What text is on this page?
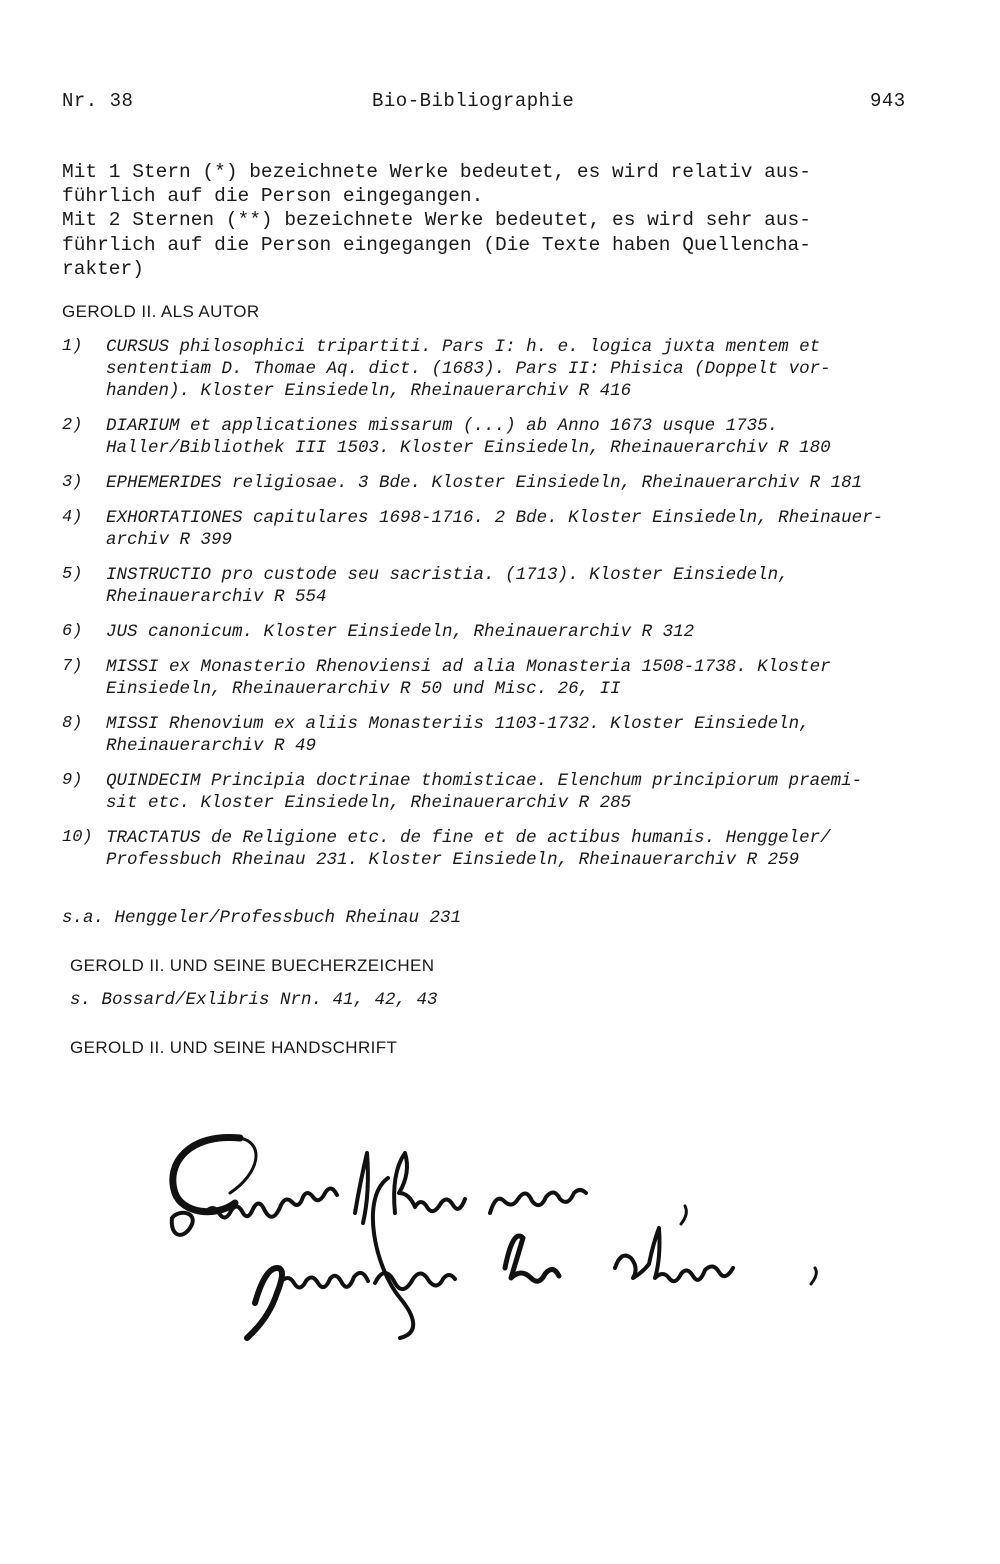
Nr. 38	Bio-Bibliographie	943
Mit 1 Stern (*) bezeichnete Werke bedeutet, es wird relativ aus-
führlich auf die Person eingegangen.
Mit 2 Sternen (**) bezeichnete Werke bedeutet, es wird sehr aus-
führlich auf die Person eingegangen (Die Texte haben Quellencha-
rakter)
GEROLD II. ALS AUTOR
1)	CURSUS philosophici tripartiti. Pars I: h. e. logica juxta mentem et
sententiam D. Thomae Aq. dict. (1683). Pars II: Phisica (Doppelt vor-
handen). Kloster Einsiedeln, Rheinauerarchiv R 416
2)	DIARIUM et applicationes missarum (...) ab Anno 1673 usque 1735.
Haller/Bibliothek III 1503. Kloster Einsiedeln, Rheinauerarchiv R 180
3)	EPHEMERIDES religiosae. 3 Bde. Kloster Einsiedeln, Rheinauerarchiv R 181
4)	EXHORTATIONES capitulares 1698-1716. 2 Bde. Kloster Einsiedeln, Rheinauer-
archiv R 399
5)	INSTRUCTIO pro custode seu sacristia. (1713). Kloster Einsiedeln,
Rheinauerarchiv R 554
6)	JUS canonicum. Kloster Einsiedeln, Rheinauerarchiv R 312
7)	MISSI ex Monasterio Rhenoviensi ad alia Monasteria 1508-1738. Kloster
Einsiedeln, Rheinauerarchiv R 50 und Misc. 26, II
8)	MISSI Rhenovium ex aliis Monasteriis 1103-1732. Kloster Einsiedeln,
Rheinauerarchiv R 49
9)	QUINDECIM Principia doctrinae thomisticae. Elenchum principiorum praemi-
sit etc. Kloster Einsiedeln, Rheinauerarchiv R 285
10) TRACTATUS de Religione etc. de fine et de actibus humanis. Henggeler/
Professbuch Rheinau 231. Kloster Einsiedeln, Rheinauerarchiv R 259
s.a. Henggeler/Professbuch Rheinau 231
GEROLD II. UND SEINE BUECHERZEICHEN
s. Bossard/Exlibris Nrn. 41, 42, 43
GEROLD II. UND SEINE HANDSCHRIFT
